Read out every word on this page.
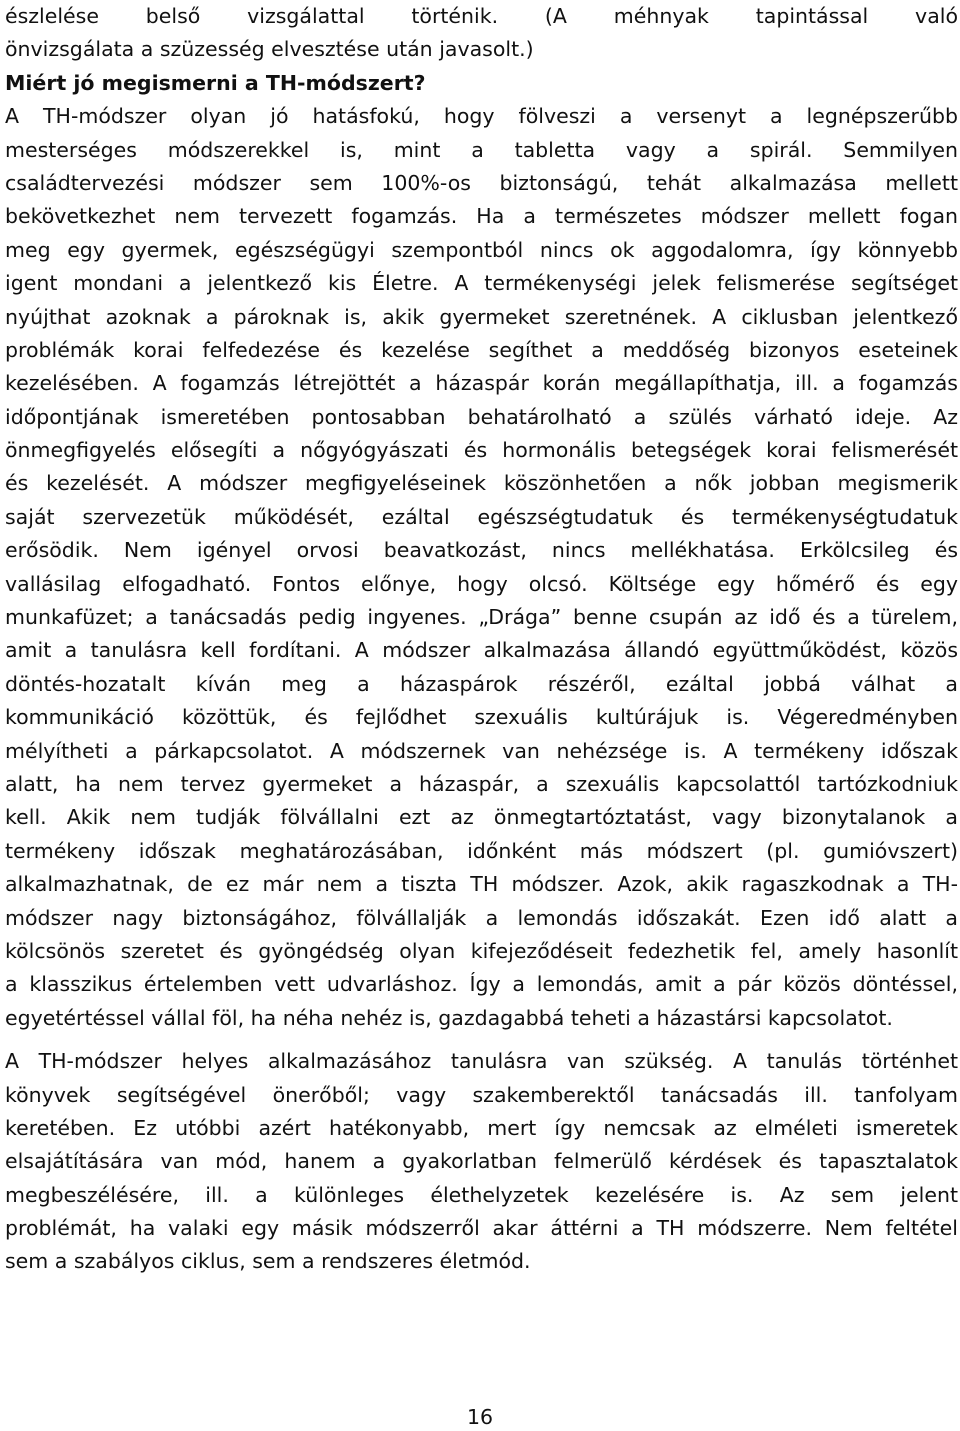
észlelése belső vizsgálattal történik. (A méhnyak tapintással való
önvizsgálata a szüzesség elvesztése után javasolt.)
Miért jó megismerni a TH-módszert?
A TH-módszer olyan jó hatásfokú, hogy fölveszi a versenyt a legnépszerűbb
mesterséges módszerekkel is, mint a tabletta vagy a spirál. Semmilyen
családtervezési módszer sem 100%-os biztonságú, tehát alkalmazása mellett
bekövetkezhet nem tervezett fogamzás. Ha a természetes módszer mellett fogan
meg egy gyermek, egészségügyi szempontból nincs ok aggodalomra, így könnyebb
igent mondani a jelentkező kis Életre. A termékenységi jelek felismerése segítséget
nyújthat azoknak a pároknak is, akik gyermeket szeretnének. A ciklusban jelentkező
problémák korai felfedezése és kezelése segíthet a meddőség bizonyos eseteinek
kezelésében. A fogamzás létrejöttét a házaspár korán megállapíthatja, ill. a fogamzás
időpontjának ismeretében pontosabban behatárolható a szülés várható ideje. Az
önmegfigyelés elősegíti a nőgyógyászati és hormonális betegségek korai felismerését
és kezelését. A módszer megfigyeléseinek köszönhetően a nők jobban megismerik
saját szervezetük működését, ezáltal egészségtudatuk és termékenységtudatuk
erősödik. Nem igényel orvosi beavatkozást, nincs mellékhatása. Erkölcsileg és
vallásilag elfogadható. Fontos előnye, hogy olcsó. Költsége egy hőmérő és egy
munkafüzet; a tanácsadás pedig ingyenes. „Drága” benne csupán az idő és a türelem,
amit a tanulásra kell fordítani. A módszer alkalmazása állandó együttműködést, közös
döntés-hozatalt kíván meg a házaspárok részéről, ezáltal jobbá válhat a
kommunikáció közöttük, és fejlődhet szexuális kultúrájuk is. Végeredményben
mélyítheti a párkapcsolatot. A módszernek van nehézsége is. A termékeny időszak
alatt, ha nem tervez gyermeket a házaspár, a szexuális kapcsolattól tartózkodniuk
kell. Akik nem tudják fölvállalni ezt az önmegtartóztatást, vagy bizonytalanok a
termékeny időszak meghatározásában, időnként más módszert (pl. gumióvszert)
alkalmazhatnak, de ez már nem a tiszta TH módszer. Azok, akik ragaszkodnak a TH-
módszer nagy biztonságához, fölvállalják a lemondás időszakát. Ezen idő alatt a
kölcsönös szeretet és gyöngédség olyan kifejeződéseit fedezhetik fel, amely hasonlít
a klasszikus értelemben vett udvarláshoz. Így a lemondás, amit a pár közös döntéssel,
egyetértéssel vállal föl, ha néha nehéz is, gazdagabbá teheti a házastársi kapcsolatot.
A TH-módszer helyes alkalmazásához tanulásra van szükség. A tanulás történhet
könyvek segítségével önerőből; vagy szakemberektől tanácsadás ill. tanfolyam
keretében. Ez utóbbi azért hatékonyabb, mert így nemcsak az elméleti ismeretek
elsajátítására van mód, hanem a gyakorlatban felmerülő kérdések és tapasztalatok
megbeszélésére, ill. a különleges élethelyzetek kezelésére is. Az sem jelent
problémát, ha valaki egy másik módszerről akar áttérni a TH módszerre. Nem feltétel
sem a szabályos ciklus, sem a rendszeres életmód.
16
